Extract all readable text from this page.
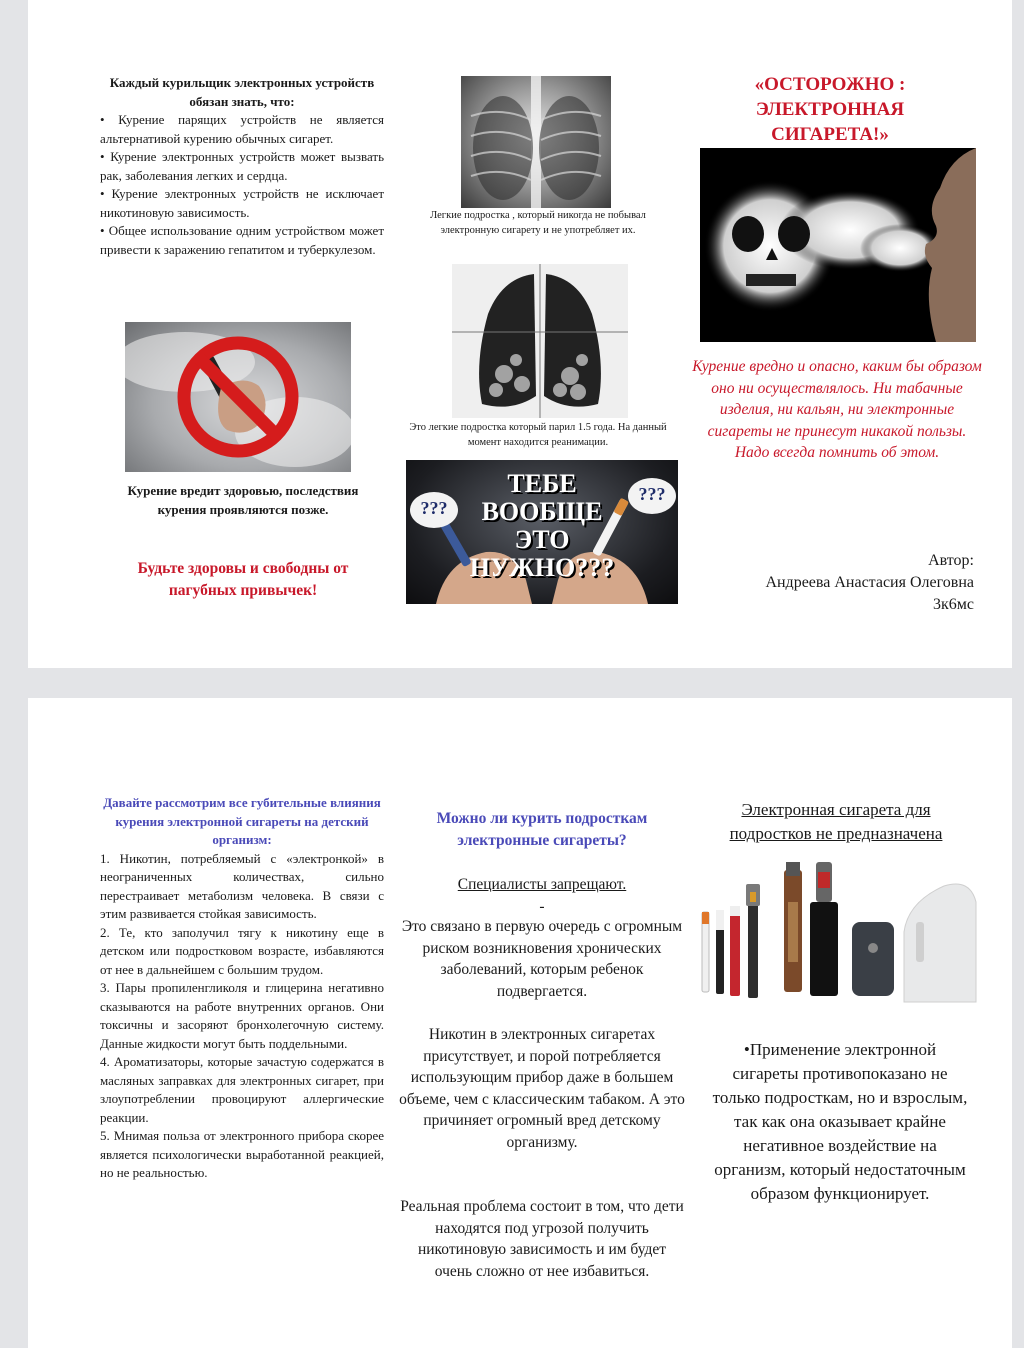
Каждый курильщик электронных устройств обязан знать, что:

• Курение парящих устройств не является альтернативой курению обычных сигарет.

• Курение электронных устройств может вызвать рак, заболевания легких и сердца.

• Курение электронных устройств не исключает никотиновую зависимость.

• Общее использование одним устройством может привести к заражению гепатитом и туберкулезом.

Курение вредит здоровью, последствия курения проявляются позже.

Будьте здоровы и свободны от пагубных привычек!

Легкие подростка , который никогда не побывал электронную сигарету и не употребляет их.

Это легкие подростка который парил 1.5 года. На данный момент находится реанимации.

???
???
ТЕБЕ
ВООБЩЕ
ЭТО
НУЖНО???

«ОСТОРОЖНО : ЭЛЕКТРОННАЯ СИГАРЕТА!»

Курение вредно и опасно, каким бы образом оно ни осуществлялось. Ни табачные изделия, ни кальян, ни электронные сигареты не принесут никакой пользы. Надо всегда помнить об этом.

Автор:
Андреева Анастасия Олеговна
3к6мс

Давайте рассмотрим все губительные влияния курения электронной сигареты на детский организм:

1. Никотин, потребляемый с «электронкой» в неограниченных количествах, сильно перестраивает метаболизм человека. В связи с этим развивается стойкая зависимость.

2. Те, кто заполучил тягу к никотину еще в детском или подростковом возрасте, избавляются от нее в дальнейшем с большим трудом.

3. Пары пропиленгликоля и глицерина негативно сказываются на работе внутренних органов. Они токсичны и засоряют бронхолегочную систему. Данные жидкости могут быть поддельными.

4. Ароматизаторы, которые зачастую содержатся в масляных заправках для электронных сигарет, при злоупотреблении провоцируют аллергические реакции.

5. Мнимая польза от электронного прибора скорее является психологически выработанной реакцией, но не реальностью.

Можно ли курить подросткам электронные сигареты?

Специалисты запрещают.

-

Это связано в первую очередь с огромным риском возникновения хронических заболеваний, которым ребенок подвергается.

Никотин в электронных сигаретах присутствует, и порой потребляется использующим прибор даже в большем объеме, чем с классическим табаком. А это причиняет огромный вред детскому организму.

Реальная проблема состоит в том, что дети находятся под угрозой получить никотиновую зависимость и им будет очень сложно от нее избавиться.

Электронная сигарета для подростков не предназначена

•Применение электронной сигареты противопоказано не только подросткам, но и взрослым, так как она оказывает крайне негативное воздействие на организм, который недостаточным образом функционирует.
